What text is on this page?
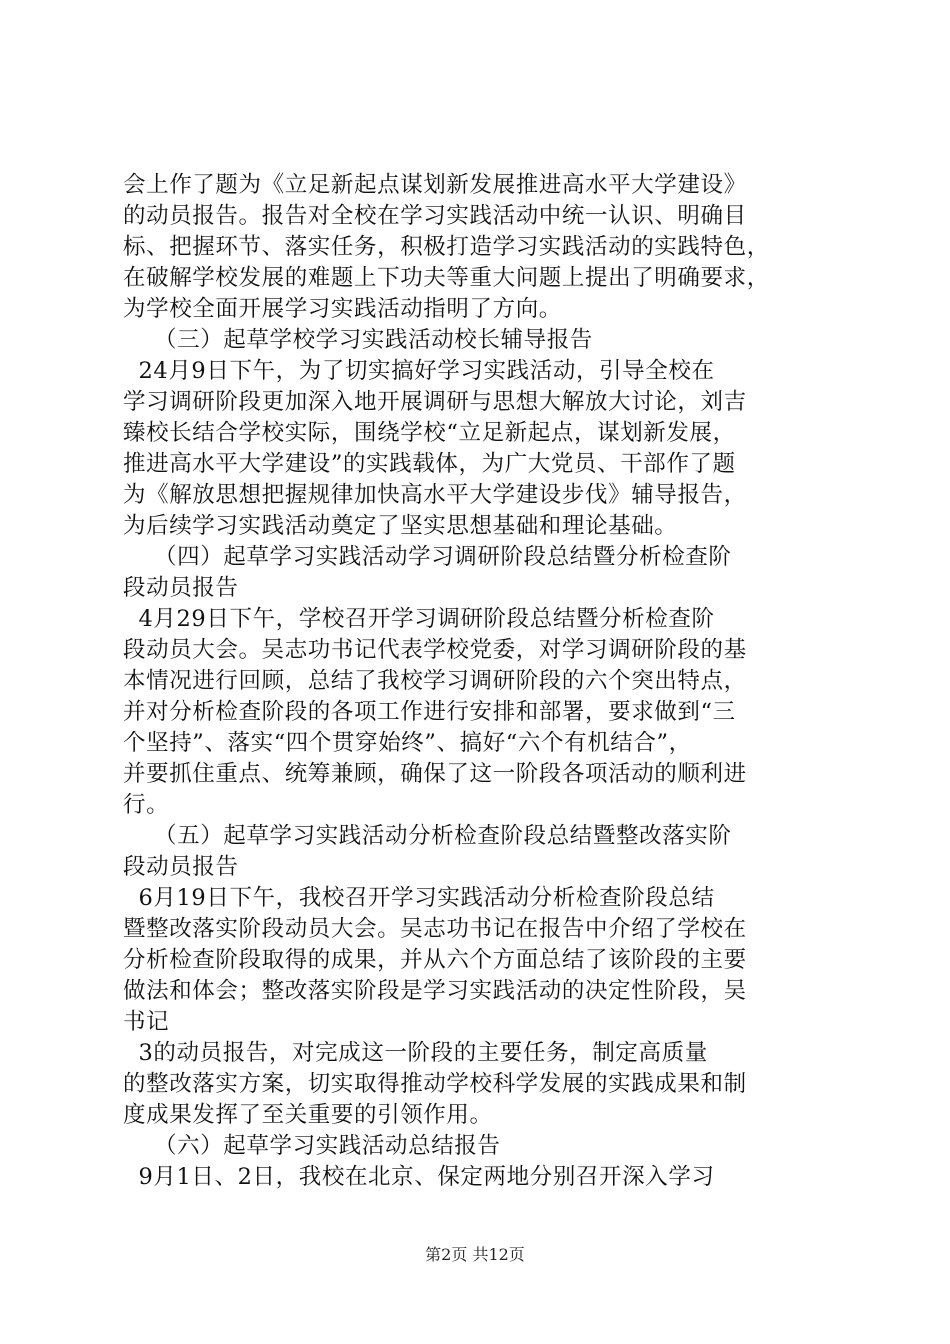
会上作了题为《立足新起点谋划新发展推进高水平大学建设》
的动员报告。报告对全校在学习实践活动中统一认识、明确目
标、把握环节、落实任务，积极打造学习实践活动的实践特色，
在破解学校发展的难题上下功夫等重大问题上提出了明确要求，
为学校全面开展学习实践活动指明了方向。
（三）起草学校学习实践活动校长辅导报告
24月9日下午，为了切实搞好学习实践活动，引导全校在
学习调研阶段更加深入地开展调研与思想大解放大讨论，刘吉
臻校长结合学校实际，围绕学校“立足新起点，谋划新发展，
推进高水平大学建设”的实践载体，为广大党员、干部作了题
为《解放思想把握规律加快高水平大学建设步伐》辅导报告，
为后续学习实践活动奠定了坚实思想基础和理论基础。
（四）起草学习实践活动学习调研阶段总结暨分析检查阶
段动员报告
4月29日下午，学校召开学习调研阶段总结暨分析检查阶
段动员大会。吴志功书记代表学校党委，对学习调研阶段的基
本情况进行回顾，总结了我校学习调研阶段的六个突出特点，
并对分析检查阶段的各项工作进行安排和部署，要求做到“三
个坚持”、落实“四个贯穿始终”、搞好“六个有机结合”，
并要抓住重点、统筹兼顾，确保了这一阶段各项活动的顺利进
行。
（五）起草学习实践活动分析检查阶段总结暨整改落实阶
段动员报告
6月19日下午，我校召开学习实践活动分析检查阶段总结
暨整改落实阶段动员大会。吴志功书记在报告中介绍了学校在
分析检查阶段取得的成果，并从六个方面总结了该阶段的主要
做法和体会；整改落实阶段是学习实践活动的决定性阶段，吴
书记
3的动员报告，对完成这一阶段的主要任务，制定高质量
的整改落实方案，切实取得推动学校科学发展的实践成果和制
度成果发挥了至关重要的引领作用。
（六）起草学习实践活动总结报告
9月1日、2日，我校在北京、保定两地分别召开深入学习
第2页 共12页
